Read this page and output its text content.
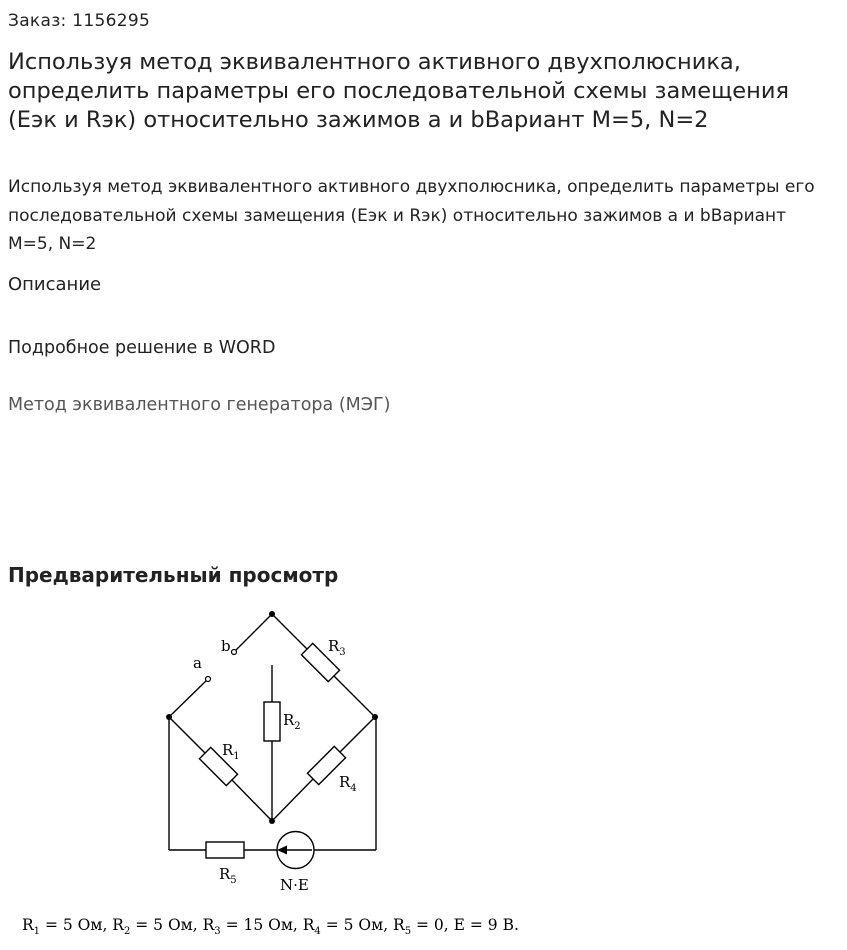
Заказ: 1156295
Используя метод эквивалентного активного двухполюсника, определить параметры его последовательной схемы замещения (Еэк и Rэк) относительно зажимов а и bВариант М=5, N=2

Используя метод эквивалентного активного двухполюсника, определить параметры его последовательной схемы замещения (Еэк и Rэк) относительно зажимов а и bВариант М=5, N=2

Описание
Подробное решение в WORD
Метод эквивалентного генератора (МЭГ)
Предварительный просмотр
b
a
$R_3$
$R_2$
$R_1$
$R_4$
$R_5$	N·E
$R_1 = 5$ Ом, $R_2 = 5$ Ом, $R_3 = 15$ Ом, $R_4 = 5$ Ом, $R_5 = 0$, E = 9 В.
